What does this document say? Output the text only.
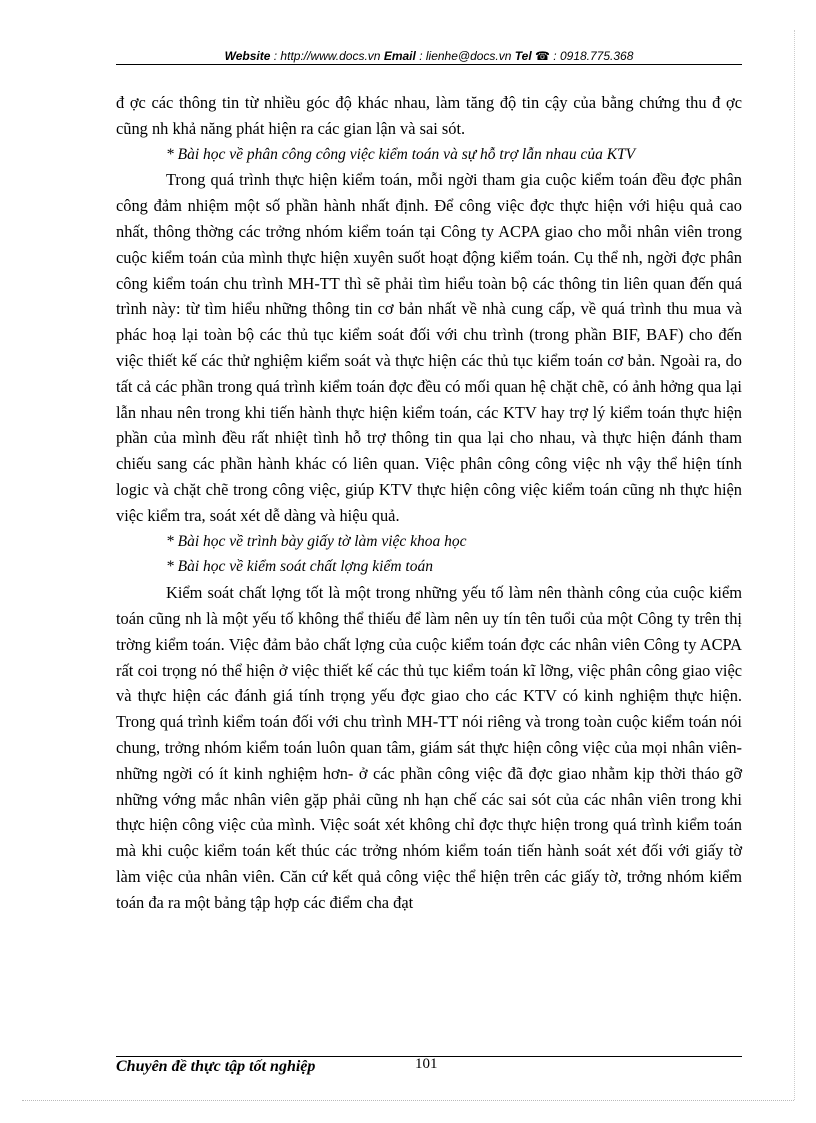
Website : http://www.docs.vn Email : lienhe@docs.vn Tel ☎ : 0918.775.368

đ ợc các thông tin từ nhiều góc độ khác nhau, làm tăng độ tin cậy của bằng chứng thu đ ợc cũng nh khả năng phát hiện ra các gian lận và sai sót.

* Bài học về phân công công việc kiểm toán và sự hỗ trợ lẫn nhau của KTV

Trong quá trình thực hiện kiểm toán, mỗi ngời tham gia cuộc kiểm toán đều đợc phân công đảm nhiệm một số phần hành nhất định. Để công việc đợc thực hiện với hiệu quả cao nhất, thông thờng các trởng nhóm kiểm toán tại Công ty ACPA giao cho mỗi nhân viên trong cuộc kiểm toán của mình thực hiện xuyên suốt hoạt động kiểm toán. Cụ thể nh, ngời đợc phân công kiểm toán chu trình MH-TT thì sẽ phải tìm hiểu toàn bộ các thông tin liên quan đến quá trình này: từ tìm hiểu những thông tin cơ bản nhất về nhà cung cấp, về quá trình thu mua và phác hoạ lại toàn bộ các thủ tục kiểm soát đối với chu trình (trong phần BIF, BAF) cho đến việc thiết kế các thử nghiệm kiểm soát và thực hiện các thủ tục kiểm toán cơ bản. Ngoài ra, do tất cả các phần trong quá trình kiểm toán đợc đều có mối quan hệ chặt chẽ, có ảnh hởng qua lại lẫn nhau nên trong khi tiến hành thực hiện kiểm toán, các KTV hay trợ lý kiểm toán thực hiện phần của mình đều rất nhiệt tình hỗ trợ thông tin qua lại cho nhau, và thực hiện đánh tham chiếu sang các phần hành khác có liên quan. Việc phân công công việc nh vậy thể hiện tính logic và chặt chẽ trong công việc, giúp KTV thực hiện công việc kiểm toán cũng nh thực hiện việc kiểm tra, soát xét dễ dàng và hiệu quả.

* Bài học về trình bày giấy tờ làm việc khoa học

* Bài học về kiểm soát chất lợng kiểm toán

Kiểm soát chất lợng tốt là một trong những yếu tố làm nên thành công của cuộc kiểm toán cũng nh là một yếu tố không thể thiếu để làm nên uy tín tên tuổi của một Công ty trên thị trờng kiểm toán. Việc đảm bảo chất lợng của cuộc kiểm toán đợc các nhân viên Công ty ACPA rất coi trọng nó thể hiện ở việc thiết kế các thủ tục kiểm toán kĩ lỡng, việc phân công giao việc và thực hiện các đánh giá tính trọng yếu đợc giao cho các KTV có kinh nghiệm thực hiện. Trong quá trình kiểm toán đối với chu trình MH-TT nói riêng và trong toàn cuộc kiểm toán nói chung, trởng nhóm kiểm toán luôn quan tâm, giám sát thực hiện công việc của mọi nhân viên- những ngời có ít kinh nghiệm hơn- ở các phần công việc đã đợc giao nhằm kịp thời tháo gỡ những vớng mắc nhân viên gặp phải cũng nh hạn chế các sai sót của các nhân viên trong khi thực hiện công việc của mình. Việc soát xét không chỉ đợc thực hiện trong quá trình kiểm toán mà khi cuộc kiểm toán kết thúc các trởng nhóm kiểm toán tiến hành soát xét đối với giấy tờ làm việc của nhân viên. Căn cứ kết quả công việc thể hiện trên các giấy tờ, trởng nhóm kiểm toán đa ra một bảng tập hợp các điểm cha đạt

Chuyên đề thực tập tốt nghiệp	101
